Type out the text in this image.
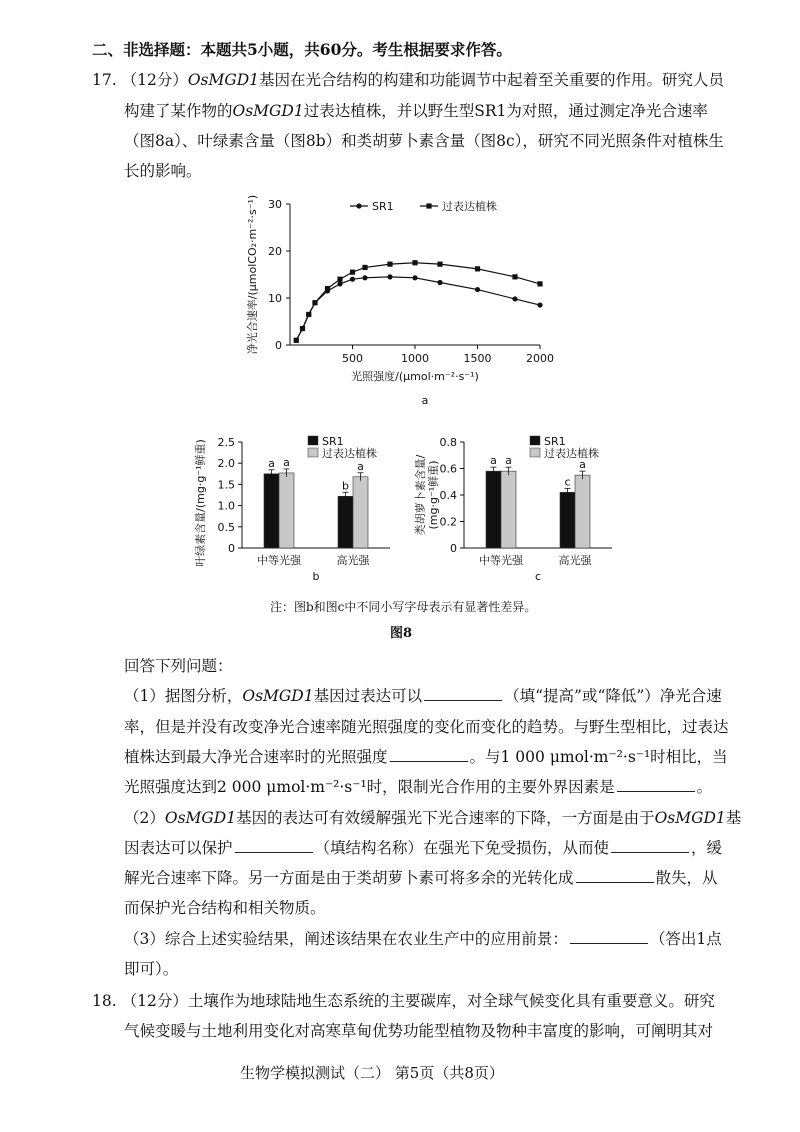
二、非选择题：本题共5小题，共60分。考生根据要求作答。
17. （12分）OsMGD1基因在光合结构的构建和功能调节中起着至关重要的作用。研究人员
构建了某作物的OsMGD1过表达植株，并以野生型SR1为对照，通过测定净光合速率
（图8a）、叶绿素含量（图8b）和类胡萝卜素含量（图8c），研究不同光照条件对植株生
长的影响。
0
10
20
30
500	1000	1500	2000
光照强度/(μmol·m⁻²·s⁻¹)
净光合速率/(μmolCO₂·m⁻²·s⁻¹)	SR1	过表达植株
a
0
0.5
1.0
1.5
2.0
2.5
中等光强
a a
高光强
b
a
SR1
过表达植株
叶绿素含量/(mg·g⁻¹鲜重)
b
0
0.2
0.4
0.6
0.8
中等光强
a a
高光强
c
a
SR1
过表达植株
类胡萝卜素含量/ (mg·g⁻¹鲜重)
c
注：图b和图c中不同小写字母表示有显著性差异。
图8
回答下列问题：
（1）据图分析，OsMGD1基因过表达可以	（填“提高”或“降低”）净光合速
率，但是并没有改变净光合速率随光照强度的变化而变化的趋势。与野生型相比，过表达
植株达到最大净光合速率时的光照强度	。与1 000 μmol·m⁻²·s⁻¹时相比，当
光照强度达到2 000 μmol·m⁻²·s⁻¹时，限制光合作用的主要外界因素是	。
（2）OsMGD1基因的表达可有效缓解强光下光合速率的下降，一方面是由于OsMGD1基
因表达可以保护	（填结构名称）在强光下免受损伤，从而使	，缓
解光合速率下降。另一方面是由于类胡萝卜素可将多余的光转化成	散失，从
而保护光合结构和相关物质。
（3）综合上述实验结果，阐述该结果在农业生产中的应用前景：	（答出1点
即可）。
18. （12分）土壤作为地球陆地生态系统的主要碳库，对全球气候变化具有重要意义。研究
气候变暖与土地利用变化对高寒草甸优势功能型植物及物种丰富度的影响，可阐明其对
生物学模拟测试（二） 第5页（共8页）
